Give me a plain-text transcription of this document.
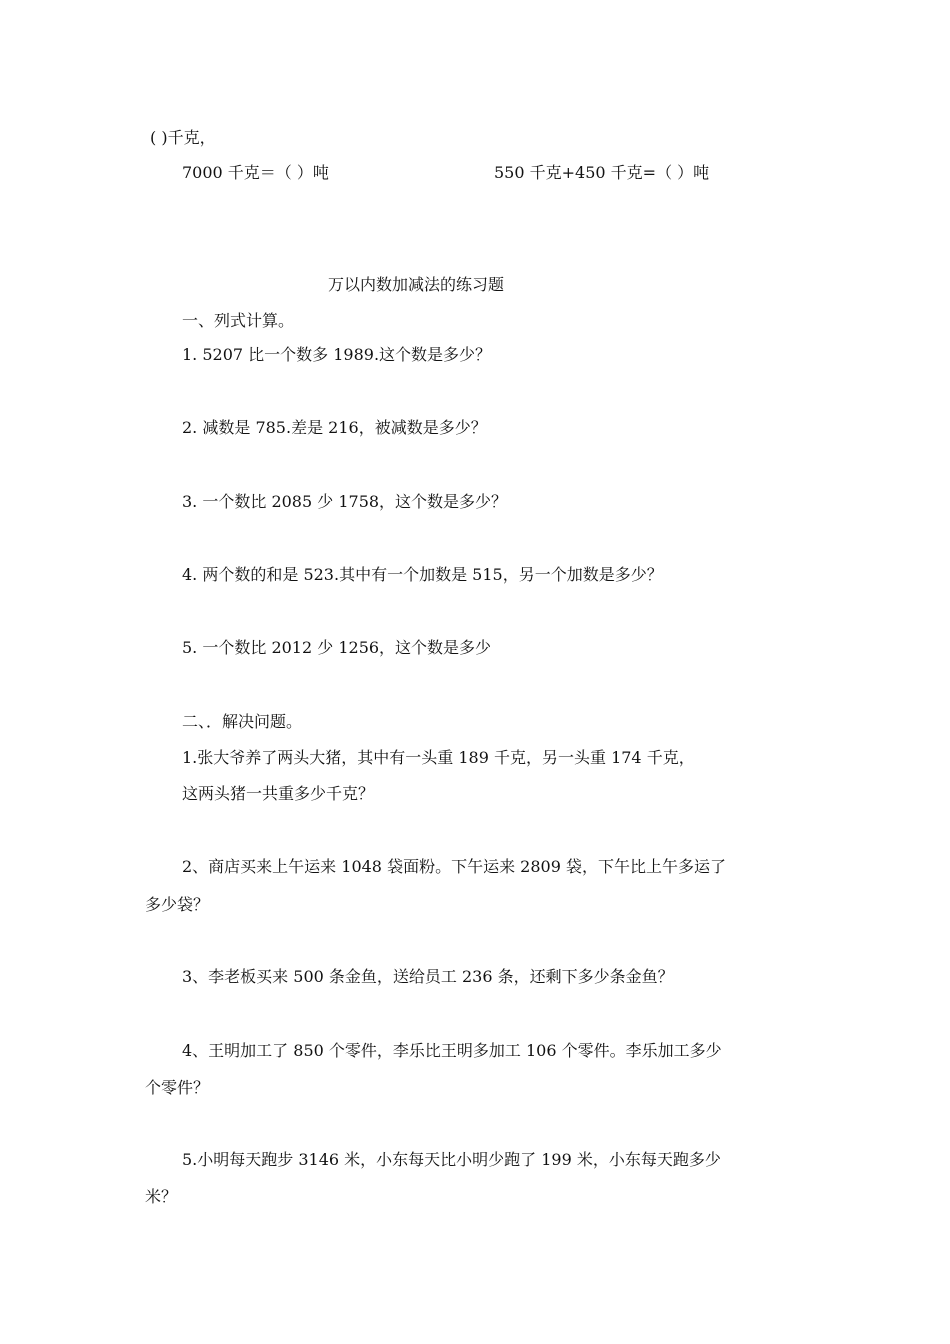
( )千克，
7000 千克＝（ ）吨	550 千克+450 千克=（ ）吨
万以内数加减法的练习题
一、列式计算。
1. 5207 比一个数多 1989.这个数是多少？
2. 减数是 785.差是 216，被减数是多少？
3. 一个数比 2085 少 1758，这个数是多少？
4. 两个数的和是 523.其中有一个加数是 515，另一个加数是多少？
5. 一个数比 2012 少 1256，这个数是多少
二、．解决问题。
1.张大爷养了两头大猪，其中有一头重 189 千克，另一头重 174 千克，
这两头猪一共重多少千克？
2、商店买来上午运来 1048 袋面粉。下午运来 2809 袋，下午比上午多运了
多少袋？
3、李老板买来 500 条金鱼，送给员工 236 条，还剩下多少条金鱼？
4、王明加工了 850 个零件，李乐比王明多加工 106 个零件。李乐加工多少
个零件？
5.小明每天跑步 3146 米，小东每天比小明少跑了 199 米，小东每天跑多少
米？
